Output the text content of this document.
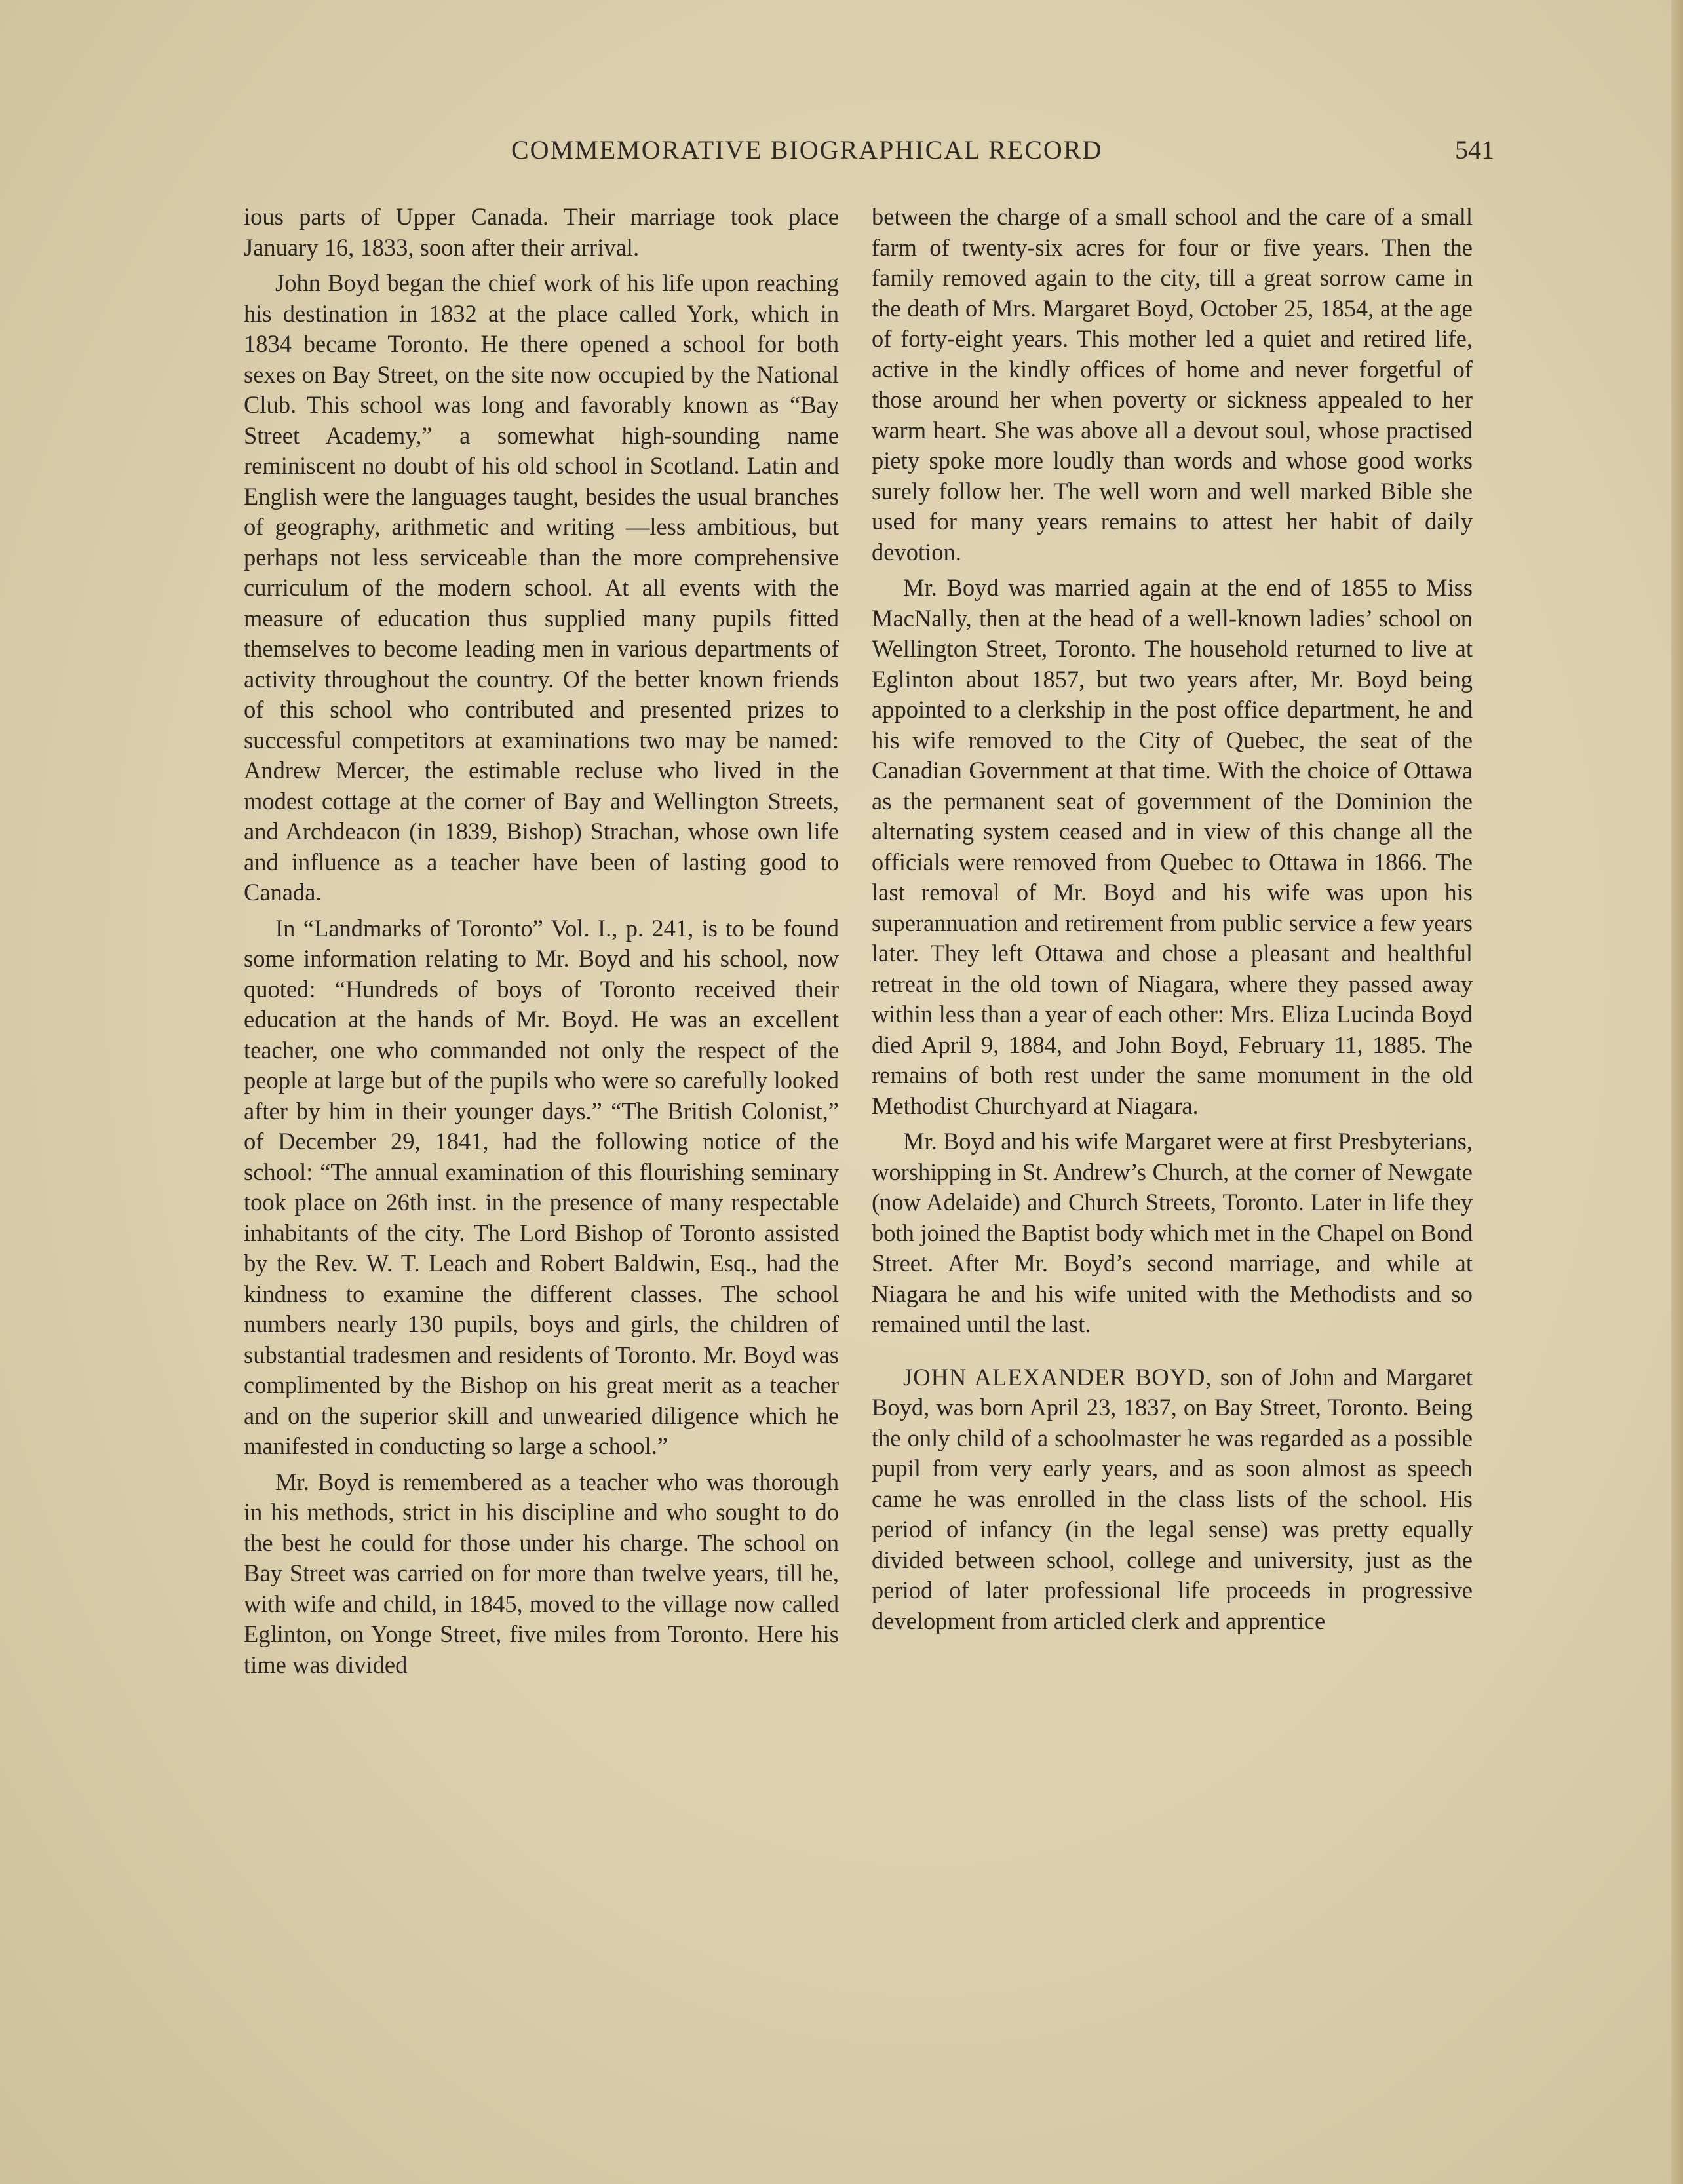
COMMEMORATIVE BIOGRAPHICAL RECORD	541

ious parts of Upper Canada. Their marriage took place January 16, 1833, soon after their arrival.

John Boyd began the chief work of his life upon reaching his destination in 1832 at the place called York, which in 1834 became Toronto. He there opened a school for both sexes on Bay Street, on the site now occupied by the National Club. This school was long and favorably known as “Bay Street Academy,” a somewhat high-sounding name reminiscent no doubt of his old school in Scotland. Latin and English were the languages taught, besides the usual branches of geography, arithmetic and writing —less ambitious, but perhaps not less serviceable than the more comprehensive curriculum of the modern school. At all events with the measure of education thus supplied many pupils fitted themselves to become leading men in various departments of activity throughout the country. Of the better known friends of this school who contributed and presented prizes to successful competitors at examinations two may be named: Andrew Mercer, the estimable recluse who lived in the modest cottage at the corner of Bay and Wellington Streets, and Archdeacon (in 1839, Bishop) Strachan, whose own life and influence as a teacher have been of lasting good to Canada.

In “Landmarks of Toronto” Vol. I., p. 241, is to be found some information relating to Mr. Boyd and his school, now quoted: “Hundreds of boys of Toronto received their education at the hands of Mr. Boyd. He was an excellent teacher, one who commanded not only the respect of the people at large but of the pupils who were so carefully looked after by him in their younger days.” “The British Colonist,” of December 29, 1841, had the following notice of the school: “The annual examination of this flourishing seminary took place on 26th inst. in the presence of many respectable inhabitants of the city. The Lord Bishop of Toronto assisted by the Rev. W. T. Leach and Robert Baldwin, Esq., had the kindness to examine the different classes. The school numbers nearly 130 pupils, boys and girls, the children of substantial tradesmen and residents of Toronto. Mr. Boyd was complimented by the Bishop on his great merit as a teacher and on the superior skill and unwearied diligence which he manifested in conducting so large a school.”

Mr. Boyd is remembered as a teacher who was thorough in his methods, strict in his discipline and who sought to do the best he could for those under his charge. The school on Bay Street was carried on for more than twelve years, till he, with wife and child, in 1845, moved to the village now called Eglinton, on Yonge Street, five miles from Toronto. Here his time was divided

between the charge of a small school and the care of a small farm of twenty-six acres for four or five years. Then the family removed again to the city, till a great sorrow came in the death of Mrs. Margaret Boyd, October 25, 1854, at the age of forty-eight years. This mother led a quiet and retired life, active in the kindly offices of home and never forgetful of those around her when poverty or sickness appealed to her warm heart. She was above all a devout soul, whose practised piety spoke more loudly than words and whose good works surely follow her. The well worn and well marked Bible she used for many years remains to attest her habit of daily devotion.

Mr. Boyd was married again at the end of 1855 to Miss MacNally, then at the head of a well-known ladies’ school on Wellington Street, Toronto. The household returned to live at Eglinton about 1857, but two years after, Mr. Boyd being appointed to a clerkship in the post office department, he and his wife removed to the City of Quebec, the seat of the Canadian Government at that time. With the choice of Ottawa as the permanent seat of government of the Dominion the alternating system ceased and in view of this change all the officials were removed from Quebec to Ottawa in 1866. The last removal of Mr. Boyd and his wife was upon his superannuation and retirement from public service a few years later. They left Ottawa and chose a pleasant and healthful retreat in the old town of Niagara, where they passed away within less than a year of each other: Mrs. Eliza Lucinda Boyd died April 9, 1884, and John Boyd, February 11, 1885. The remains of both rest under the same monument in the old Methodist Churchyard at Niagara.

Mr. Boyd and his wife Margaret were at first Presbyterians, worshipping in St. Andrew’s Church, at the corner of Newgate (now Adelaide) and Church Streets, Toronto. Later in life they both joined the Baptist body which met in the Chapel on Bond Street. After Mr. Boyd’s second marriage, and while at Niagara he and his wife united with the Methodists and so remained until the last.

JOHN ALEXANDER BOYD, son of John and Margaret Boyd, was born April 23, 1837, on Bay Street, Toronto. Being the only child of a schoolmaster he was regarded as a possible pupil from very early years, and as soon almost as speech came he was enrolled in the class lists of the school. His period of infancy (in the legal sense) was pretty equally divided between school, college and university, just as the period of later professional life proceeds in progressive development from articled clerk and apprentice
